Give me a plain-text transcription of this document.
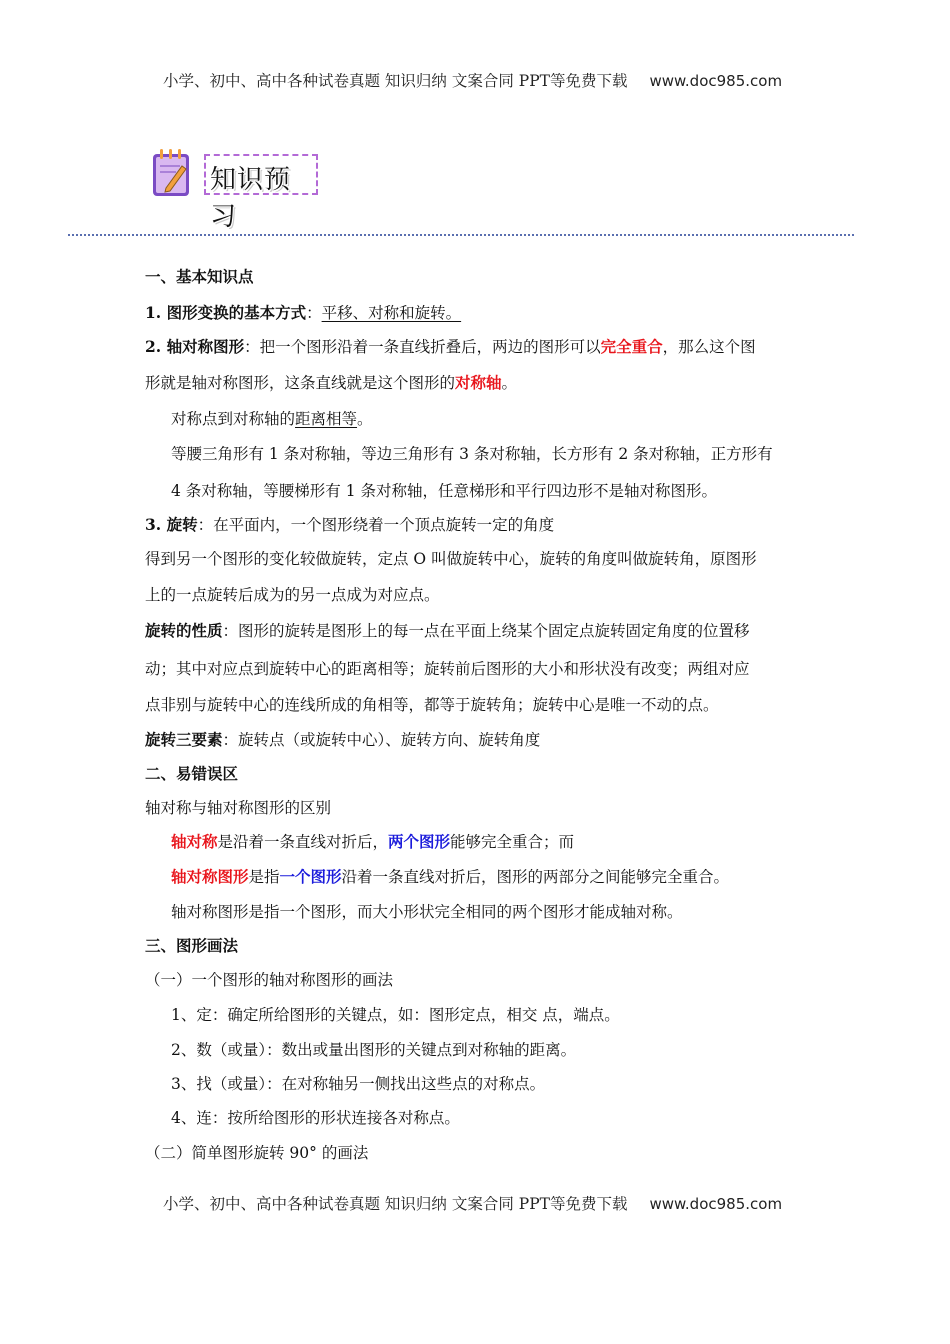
小学、初中、高中各种试卷真题 知识归纳 文案合同 PPT等免费下载 www.doc985.com
知识预习
一、基本知识点
1. 图形变换的基本方式：平移、对称和旋转。
2. 轴对称图形：把一个图形沿着一条直线折叠后，两边的图形可以完全重合，那么这个图
形就是轴对称图形，这条直线就是这个图形的对称轴。
对称点到对称轴的距离相等。
等腰三角形有 1 条对称轴，等边三角形有 3 条对称轴，长方形有 2 条对称轴，正方形有
4 条对称轴，等腰梯形有 1 条对称轴，任意梯形和平行四边形不是轴对称图形。
3. 旋转：在平面内，一个图形绕着一个顶点旋转一定的角度
得到另一个图形的变化较做旋转，定点 O 叫做旋转中心，旋转的角度叫做旋转角，原图形
上的一点旋转后成为的另一点成为对应点。
旋转的性质：图形的旋转是图形上的每一点在平面上绕某个固定点旋转固定角度的位置移
动；其中对应点到旋转中心的距离相等；旋转前后图形的大小和形状没有改变；两组对应
点非别与旋转中心的连线所成的角相等，都等于旋转角；旋转中心是唯一不动的点。
旋转三要素：旋转点（或旋转中心）、旋转方向、旋转角度
二、易错误区
轴对称与轴对称图形的区别
轴对称是沿着一条直线对折后，两个图形能够完全重合；而
轴对称图形是指一个图形沿着一条直线对折后，图形的两部分之间能够完全重合。
轴对称图形是指一个图形，而大小形状完全相同的两个图形才能成轴对称。
三、图形画法
（一）一个图形的轴对称图形的画法
1、定：确定所给图形的关键点，如：图形定点，相交 点，端点。
2、数（或量）：数出或量出图形的关键点到对称轴的距离。
3、找（或量）：在对称轴另一侧找出这些点的对称点。
4、连：按所给图形的形状连接各对称点。
（二）简单图形旋转 90° 的画法
小学、初中、高中各种试卷真题 知识归纳 文案合同 PPT等免费下载 www.doc985.com
